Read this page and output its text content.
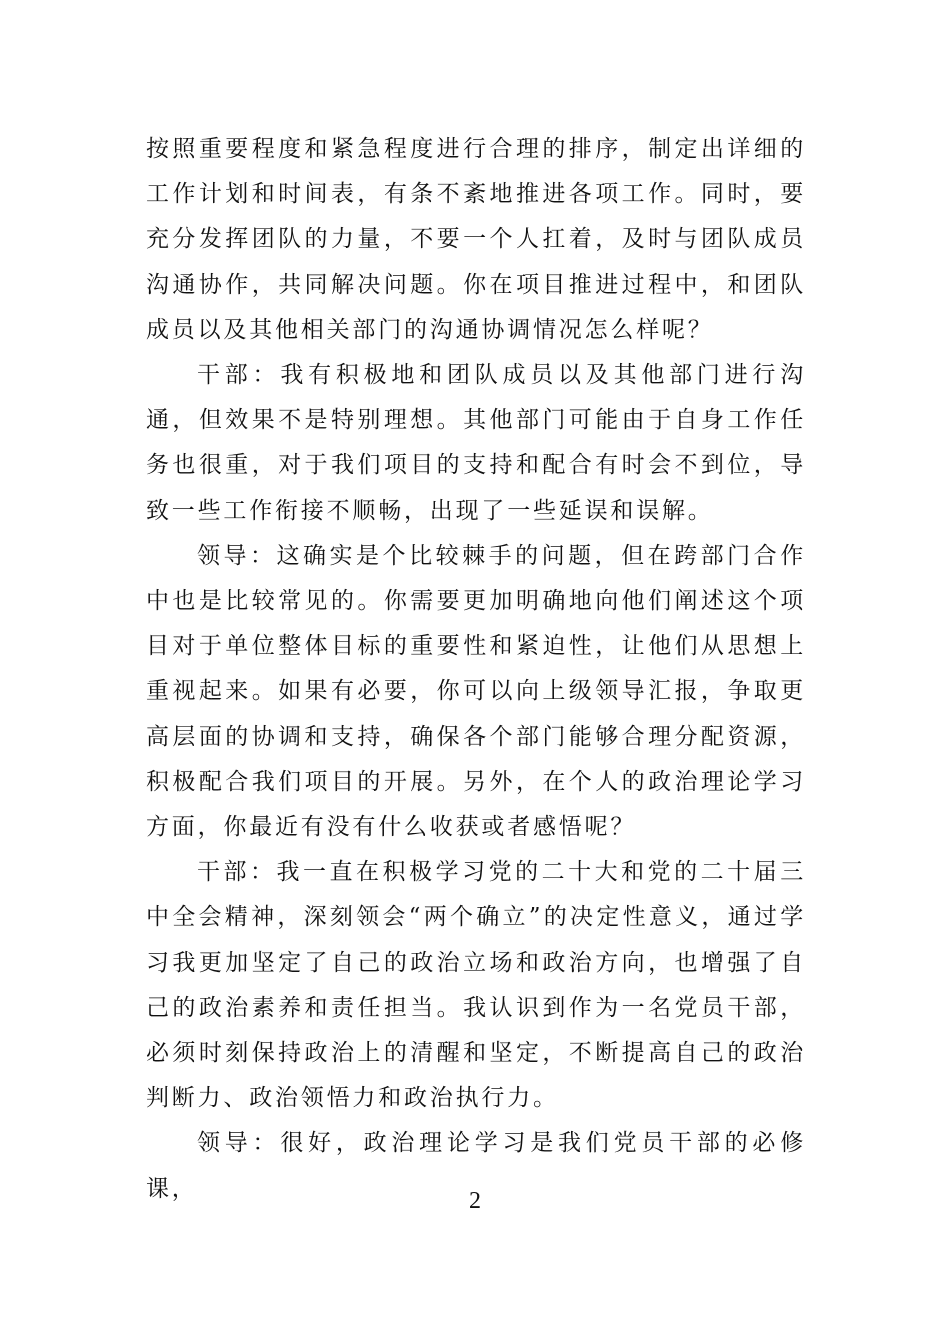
按照重要程度和紧急程度进行合理的排序，制定出详细的工作计划和时间表，有条不紊地推进各项工作。同时，要充分发挥团队的力量，不要一个人扛着，及时与团队成员沟通协作，共同解决问题。你在项目推进过程中，和团队成员以及其他相关部门的沟通协调情况怎么样呢？

干部：我有积极地和团队成员以及其他部门进行沟通，但效果不是特别理想。其他部门可能由于自身工作任务也很重，对于我们项目的支持和配合有时会不到位，导致一些工作衔接不顺畅，出现了一些延误和误解。

领导：这确实是个比较棘手的问题，但在跨部门合作中也是比较常见的。你需要更加明确地向他们阐述这个项目对于单位整体目标的重要性和紧迫性，让他们从思想上重视起来。如果有必要，你可以向上级领导汇报，争取更高层面的协调和支持，确保各个部门能够合理分配资源，积极配合我们项目的开展。另外，在个人的政治理论学习方面，你最近有没有什么收获或者感悟呢？

干部：我一直在积极学习党的二十大和党的二十届三中全会精神，深刻领会“两个确立”的决定性意义，通过学习我更加坚定了自己的政治立场和政治方向，也增强了自己的政治素养和责任担当。我认识到作为一名党员干部，必须时刻保持政治上的清醒和坚定，不断提高自己的政治判断力、政治领悟力和政治执行力。

领导：很好，政治理论学习是我们党员干部的必修课，	2
